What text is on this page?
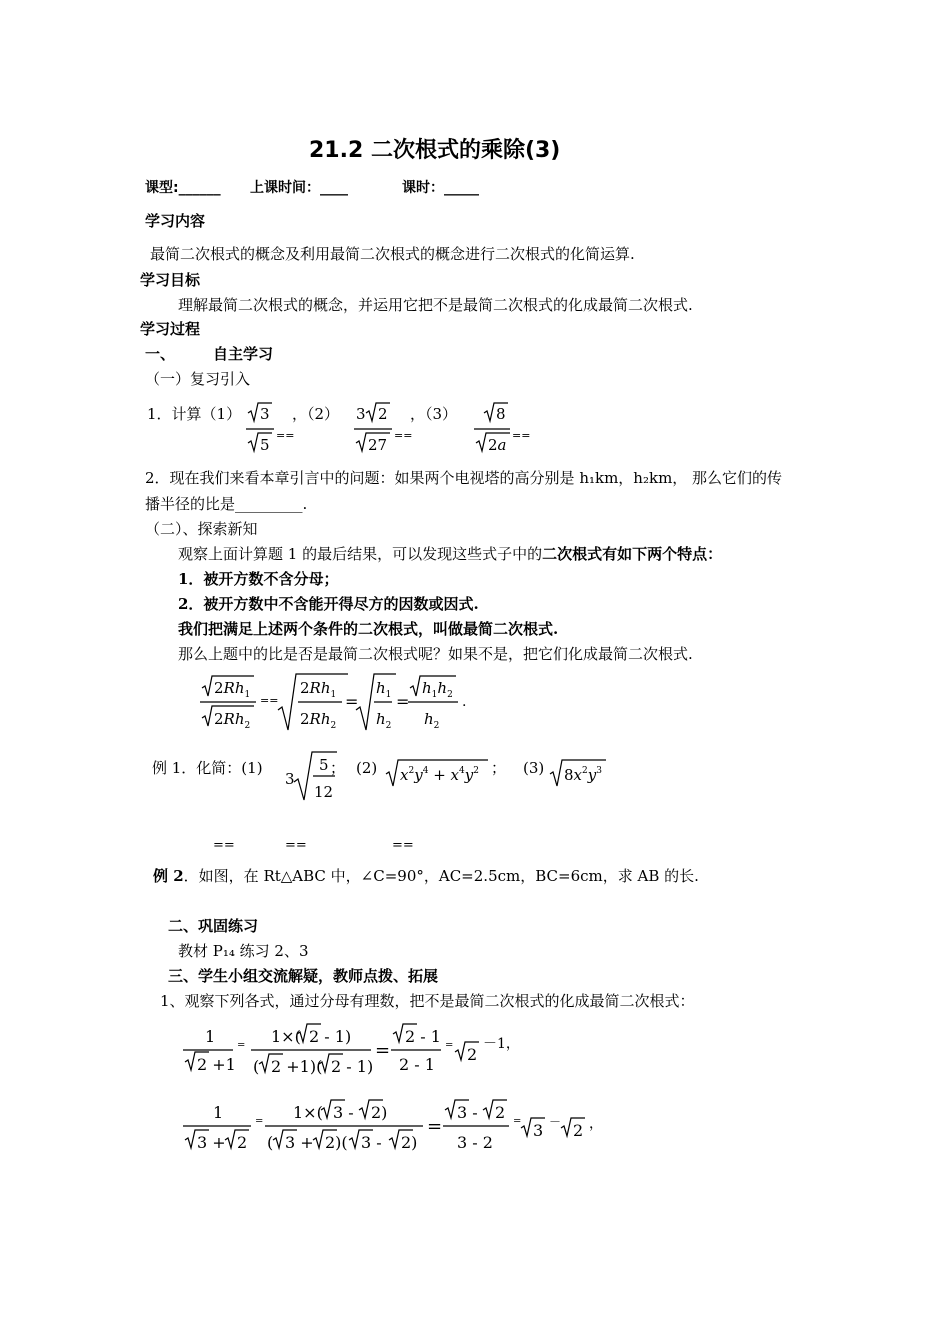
21.2 二次根式的乘除(3)
课型:______ 上课时间：____	课时：_____
学习内容
最简二次根式的概念及利用最简二次根式的概念进行二次根式的化简运算.
学习目标
理解最简二次根式的概念，并运用它把不是最简二次根式的化成最简二次根式.
学习过程
一、	自主学习
（一）复习引入
1．计算（1） 3
5
==
，（2） 3 2
27
==
，（3）	8
2a
==
2．现在我们来看本章引言中的问题：如果两个电视塔的高分别是 h₁km，h₂km， 那么它们的传
播半径的比是_________.
（二）、探索新知
观察上面计算题 1 的最后结果，可以发现这些式子中的二次根式有如下两个特点：
1．被开方数不含分母；
2．被开方数中不含能开得尽方的因数或因式.
我们把满足上述两个条件的二次根式，叫做最简二次根式.
那么上题中的比是否是最简二次根式呢？如果不是，把它们化成最简二次根式.
$2Rh_1$
$2Rh_2$
==
$2Rh_1$
$2Rh_2$
=
$h_1$
$h_2$
=
$h_1h_2$
$h_2$
.
例 1．化简：(1)
3
5
12
； (2) $x^2y^4 + x^4y^2$ ； (3) $8x^2y^3$
==	==	==
例 2．如图，在 Rt△ABC 中，∠C=90°，AC=2.5cm，BC=6cm，求 AB 的长.
二、巩固练习
教材 P₁₄ 练习 2、3
三、学生小组交流解疑，教师点拨、拓展
1、观察下列各式，通过分母有理数，把不是最简二次根式的化成最简二次根式：
1
2 +1
= 1×( 2 - 1)
( 2 +1)( 2 - 1)
=
2 - 1
2 - 1
= 2
－1，
1
3 + 2
= 1×( 3 - 2)
( 3 + 2)( 3 - 2)
=
3 - 2
3 - 2
= 3 － 2 ，
